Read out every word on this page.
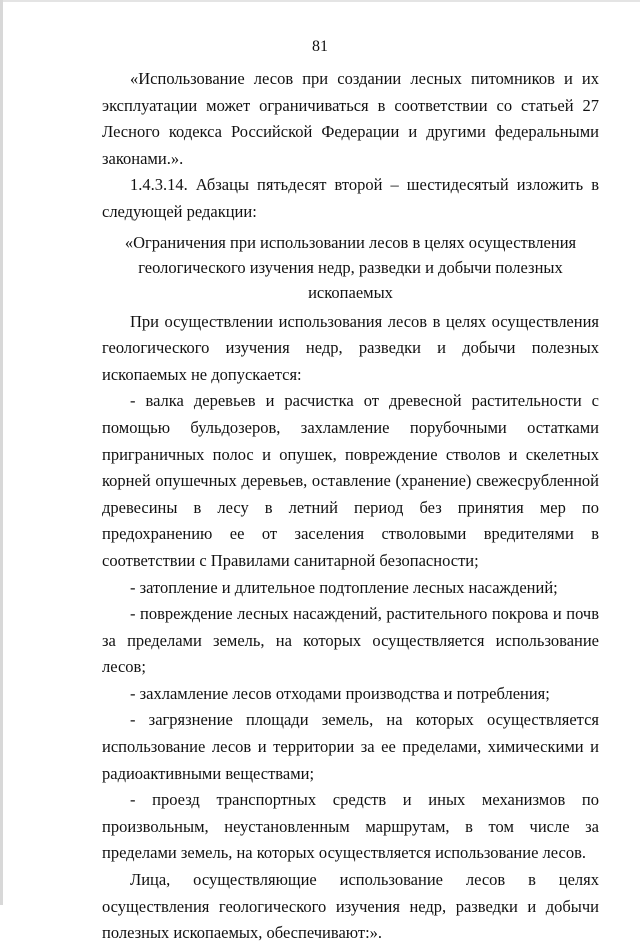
81

«Использование лесов при создании лесных питомников и их эксплуатации может ограничиваться в соответствии со статьей 27 Лесного кодекса Российской Федерации и другими федеральными законами.».

1.4.3.14. Абзацы пятьдесят второй – шестидесятый изложить в следующей редакции:

«Ограничения при использовании лесов в целях осуществления

геологического изучения недр, разведки и добычи полезных ископаемых

При осуществлении использования лесов в целях осуществления геологического изучения недр, разведки и добычи полезных ископаемых не допускается:

- валка деревьев и расчистка от древесной растительности с помощью бульдозеров, захламление порубочными остатками приграничных полос и опушек, повреждение стволов и скелетных корней опушечных деревьев, оставление (хранение) свежесрубленной древесины в лесу в летний период без принятия мер по предохранению ее от заселения стволовыми вредителями в соответствии с Правилами санитарной безопасности;

- затопление и длительное подтопление лесных насаждений;

- повреждение лесных насаждений, растительного покрова и почв за пределами земель, на которых осуществляется использование лесов;

- захламление лесов отходами производства и потребления;

- загрязнение площади земель, на которых осуществляется использование лесов и территории за ее пределами, химическими и радиоактивными веществами;

- проезд транспортных средств и иных механизмов по произвольным, неустановленным маршрутам, в том числе за пределами земель, на которых осуществляется использование лесов.

Лица, осуществляющие использование лесов в целях осуществления геологического изучения недр, разведки и добычи полезных ископаемых, обеспечивают:».
